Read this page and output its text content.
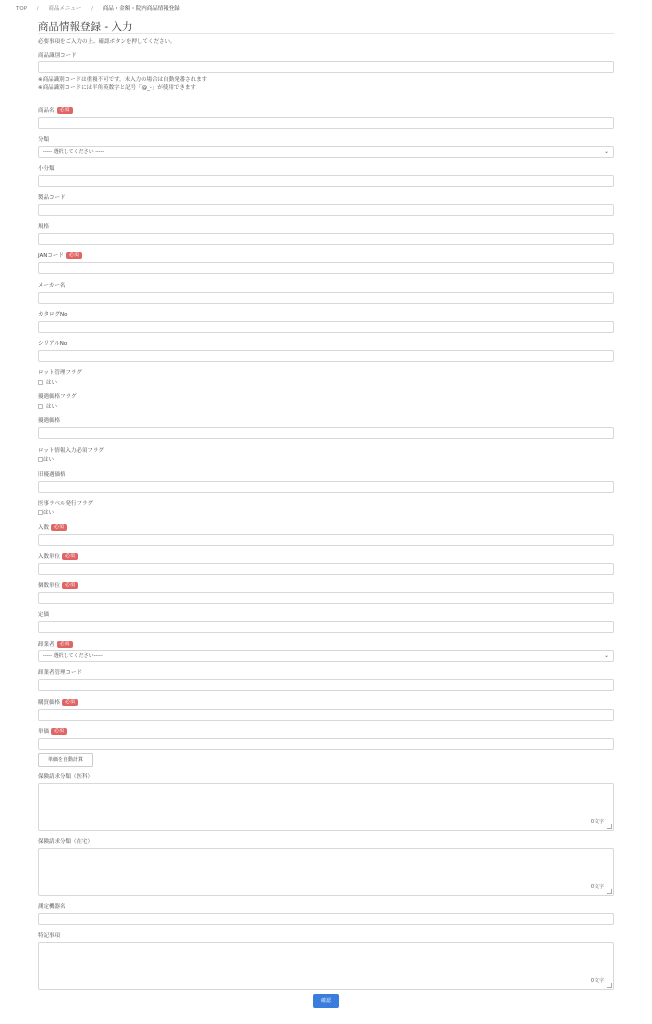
TOP / 商品メニュー / 商品・金額・院内商品情報登録
商品情報登録 - 入力
必要事項をご入力の上、確認ボタンを押してください。
商品識別コード
※商品識別コードは重複不可です。未入力の場合は自動発番されます
※商品識別コードには半角英数字と記号「@_-」が使用できます
商品名 必須
分類
----- 選択してください -----	⌄
小分類
製品コード
規格
JANコード 必須
メーカー名
カタログNo
シリアルNo
ロット管理フラグ
はい
優遇価格フラグ
はい
優遇価格
ロット情報入力必須フラグ
はい
旧優遇価格
医事ラベル発行フラグ
はい
入数 必須
入数単位 必須
個数単位 必須
定価
卸業者 必須
----- 選択してください-----	⌄
卸業者管理コード
購買価格 必須
単価 必須
単価を自動計算
保険請求分類（医科）
0文字
保険請求分類（在宅）
0文字
測定機器名
特記事項
0文字
確認
